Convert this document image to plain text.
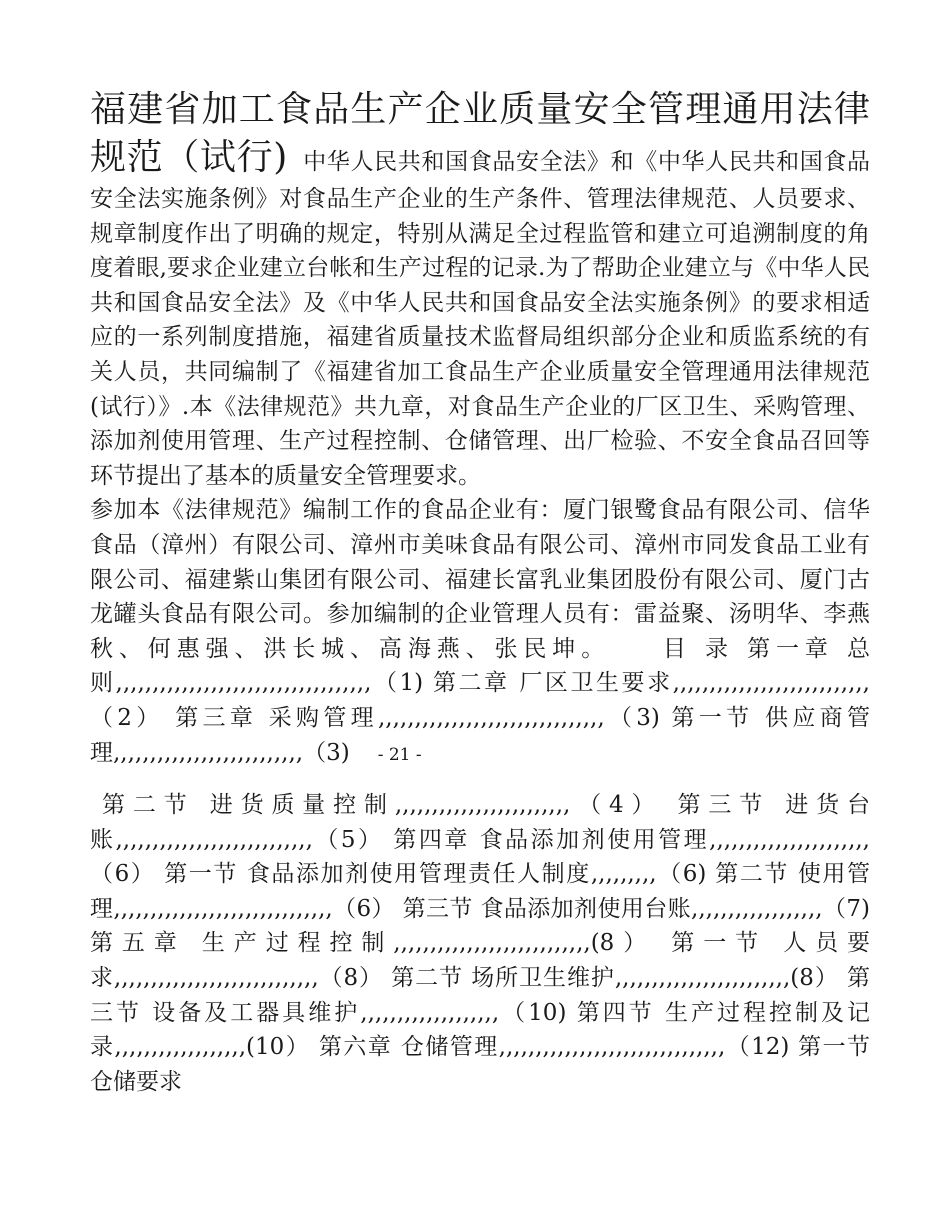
福建省加工食品生产企业质量安全管理通用法律规范（试行) 中华人民共和国食品安全法》和《中华人民共和国食品安全法实施条例》对食品生产企业的生产条件、管理法律规范、人员要求、规章制度作出了明确的规定，特别从满足全过程监管和建立可追溯制度的角度着眼,要求企业建立台帐和生产过程的记录.为了帮助企业建立与《中华人民共和国食品安全法》及《中华人民共和国食品安全法实施条例》的要求相适应的一系列制度措施，福建省质量技术监督局组织部分企业和质监系统的有关人员，共同编制了《福建省加工食品生产企业质量安全管理通用法律规范(试行）》.本《法律规范》共九章，对食品生产企业的厂区卫生、采购管理、添加剂使用管理、生产过程控制、仓储管理、出厂检验、不安全食品召回等环节提出了基本的质量安全管理要求。
参加本《法律规范》编制工作的食品企业有：厦门银鹭食品有限公司、信华食品（漳州）有限公司、漳州市美味食品有限公司、漳州市同发食品工业有限公司、福建紫山集团有限公司、福建长富乳业集团股份有限公司、厦门古龙罐头食品有限公司。参加编制的企业管理人员有：雷益聚、汤明华、李燕秋、何惠强、洪长城、高海燕、张民坤。 目 录 第一章 总则,,,,,,,,,,,,,,,,,,,,,,,,,,,,,,,,,,,（1) 第二章 厂区卫生要求,,,,,,,,,,,,,,,,,,,,,,,,,,,（2） 第三章 采购管理,,,,,,,,,,,,,,,,,,,,,,,,,,,,,,,（3) 第一节 供应商管理,,,,,,,,,,,,,,,,,,,,,,,,,,（3) - 21 -

第二节 进货质量控制,,,,,,,,,,,,,,,,,,,,,,,,（4） 第三节 进货台账,,,,,,,,,,,,,,,,,,,,,,,,,,,（5） 第四章 食品添加剂使用管理,,,,,,,,,,,,,,,,,,,,,,（6） 第一节 食品添加剂使用管理责任人制度,,,,,,,,,（6) 第二节 使用管理,,,,,,,,,,,,,,,,,,,,,,,,,,,,,,（6） 第三节 食品添加剂使用台账,,,,,,,,,,,,,,,,,,（7) 第五章 生产过程控制,,,,,,,,,,,,,,,,,,,,,,,,,,,(8） 第一节 人员要求,,,,,,,,,,,,,,,,,,,,,,,,,,,,（8） 第二节 场所卫生维护,,,,,,,,,,,,,,,,,,,,,,,,(8） 第三节 设备及工器具维护,,,,,,,,,,,,,,,,,,,（10) 第四节 生产过程控制及记录,,,,,,,,,,,,,,,,,,(10） 第六章 仓储管理,,,,,,,,,,,,,,,,,,,,,,,,,,,,,,,（12) 第一节 仓储要求
